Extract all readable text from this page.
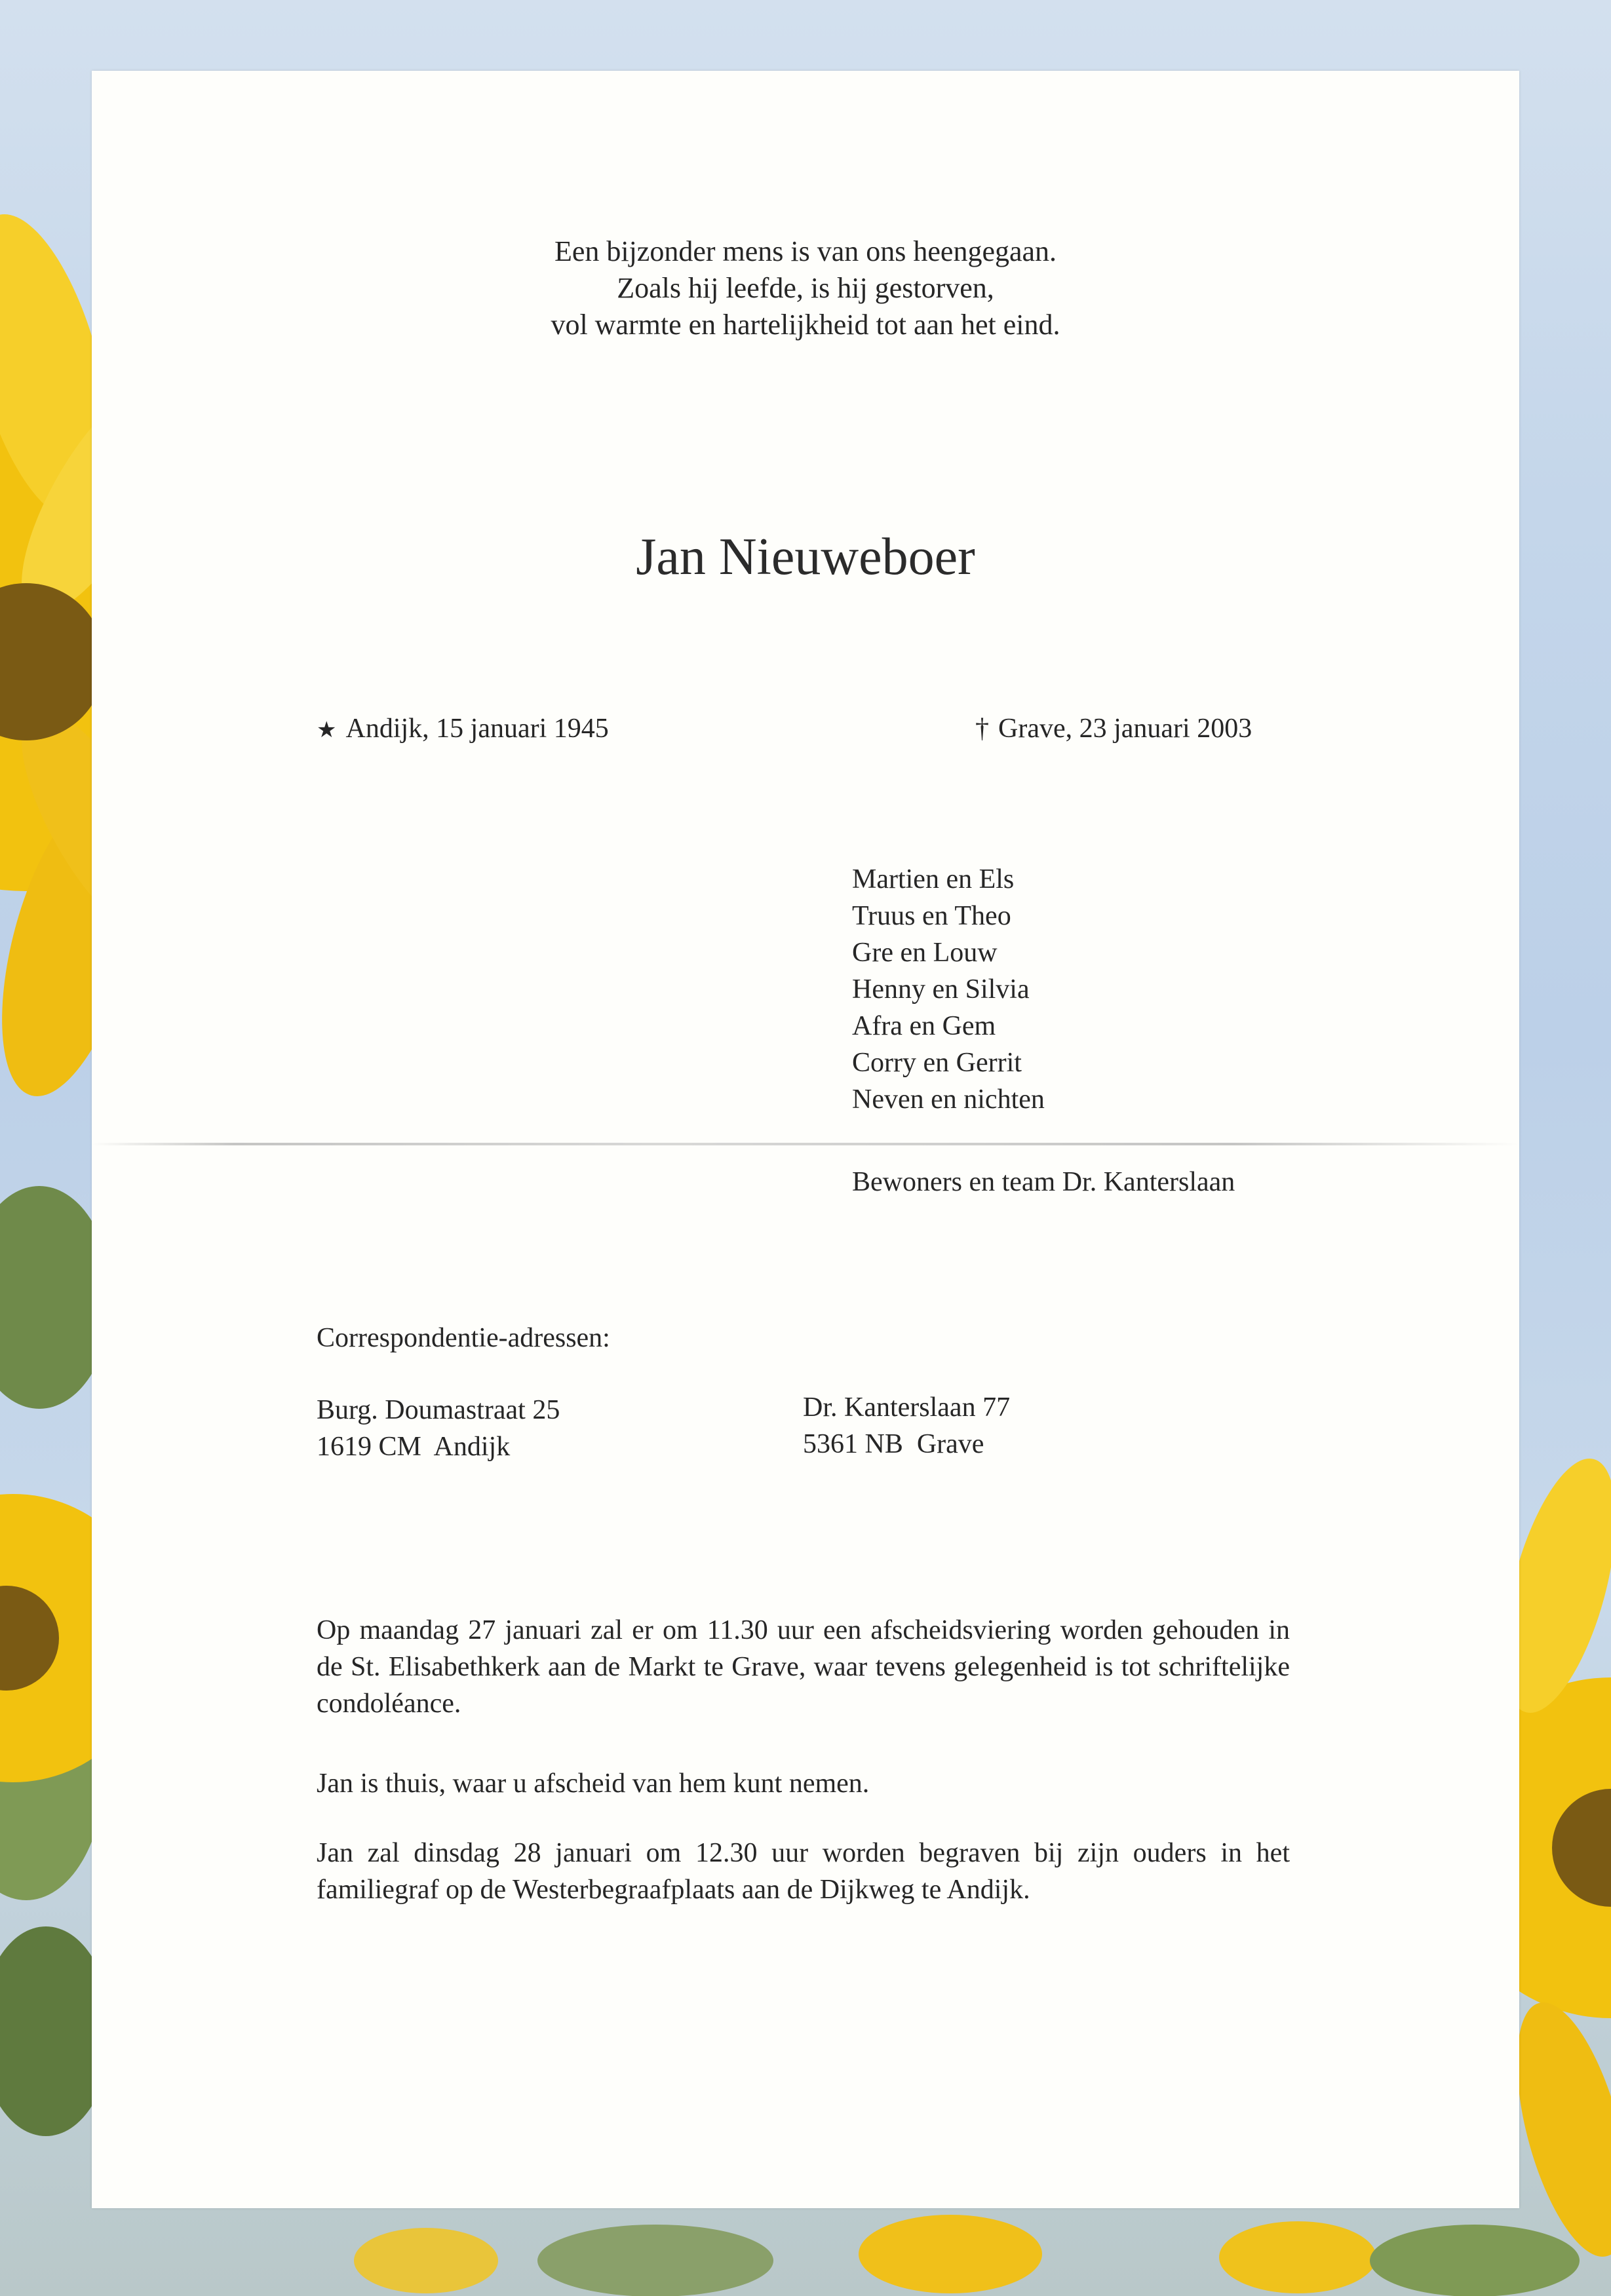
Een bijzonder mens is van ons heengegaan.
Zoals hij leefde, is hij gestorven,
vol warmte en hartelijkheid tot aan het eind.
Jan Nieuweboer
★ Andijk, 15 januari 1945	† Grave, 23 januari 2003
Martien en Els
Truus en Theo
Gre en Louw
Henny en Silvia
Afra en Gem
Corry en Gerrit
Neven en nichten
Bewoners en team Dr. Kanterslaan
Correspondentie-adressen:
Burg. Doumastraat 25
1619 CM  Andijk
Dr. Kanterslaan 77
5361 NB  Grave
Op maandag 27 januari zal er om 11.30 uur een afscheidsviering worden gehouden in de St. Elisabethkerk aan de Markt te Grave, waar tevens gelegenheid is tot schriftelijke condoléance.
Jan is thuis, waar u afscheid van hem kunt nemen.
Jan zal dinsdag 28 januari om 12.30 uur worden begraven bij zijn ouders in het familiegraf op de Westerbegraafplaats aan de Dijkweg te Andijk.
